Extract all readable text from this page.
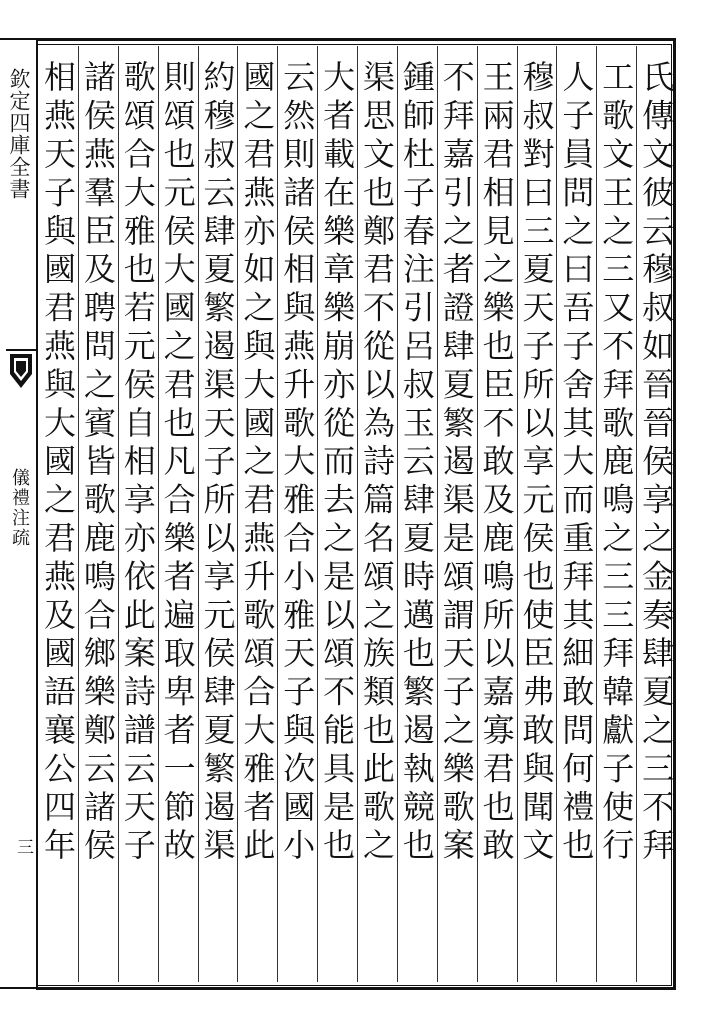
欽定四庫全書
儀禮注疏
三	氏傳文彼云穆叔如晉晉侯享之金奏肆夏之三不拜
工歌文王之三又不拜歌鹿鳴之三三拜韓獻子使行
人子員問之曰吾子舍其大而重拜其細敢問何禮也
穆叔對曰三夏天子所以享元侯也使臣弗敢與聞文
王兩君相見之樂也臣不敢及鹿鳴所以嘉寡君也敢
不拜嘉引之者證肆夏繁遏渠是頌謂天子之樂歌案
鍾師杜子春注引呂叔玉云肆夏時邁也繁遏執競也
渠思文也鄭君不從以為詩篇名頌之族類也此歌之
大者載在樂章樂崩亦從而去之是以頌不能具是也
云然則諸侯相與燕升歌大雅合小雅天子與次國小
國之君燕亦如之與大國之君燕升歌頌合大雅者此
約穆叔云肆夏繁遏渠天子所以享元侯肆夏繁遏渠
則頌也元侯大國之君也凡合樂者遍取卑者一節故
歌頌合大雅也若元侯自相享亦依此案詩譜云天子
諸侯燕羣臣及聘問之賓皆歌鹿鳴合鄉樂鄭云諸侯
相燕天子與國君燕與大國之君燕及國語襄公四年
